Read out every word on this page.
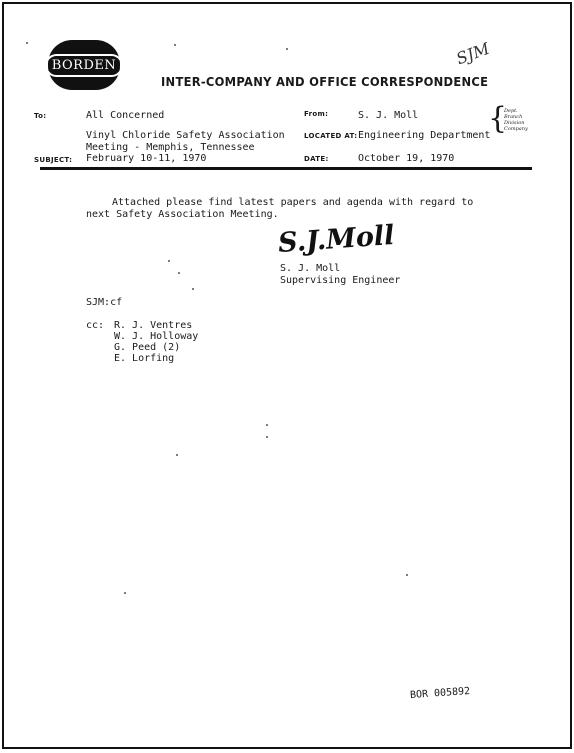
BORDEN
INTER-COMPANY AND OFFICE CORRESPONDENCE
SJM
To:	All Concerned	From:	S. J. Moll {
Dept.
Branch
Division
Company
Vinyl Chloride Safety Association	LOCATED AT: Engineering Department
Meeting - Memphis, Tennessee
SUBJECT: February 10-11, 1970	DATE:	October 19, 1970
Attached please find latest papers and agenda with regard to
next Safety Association Meeting.
S.J.Moll
S. J. Moll
Supervising Engineer
SJM:cf
cc: R. J. Ventres
W. J. Holloway
G. Peed (2)
E. Lorfing
BOR 005892
